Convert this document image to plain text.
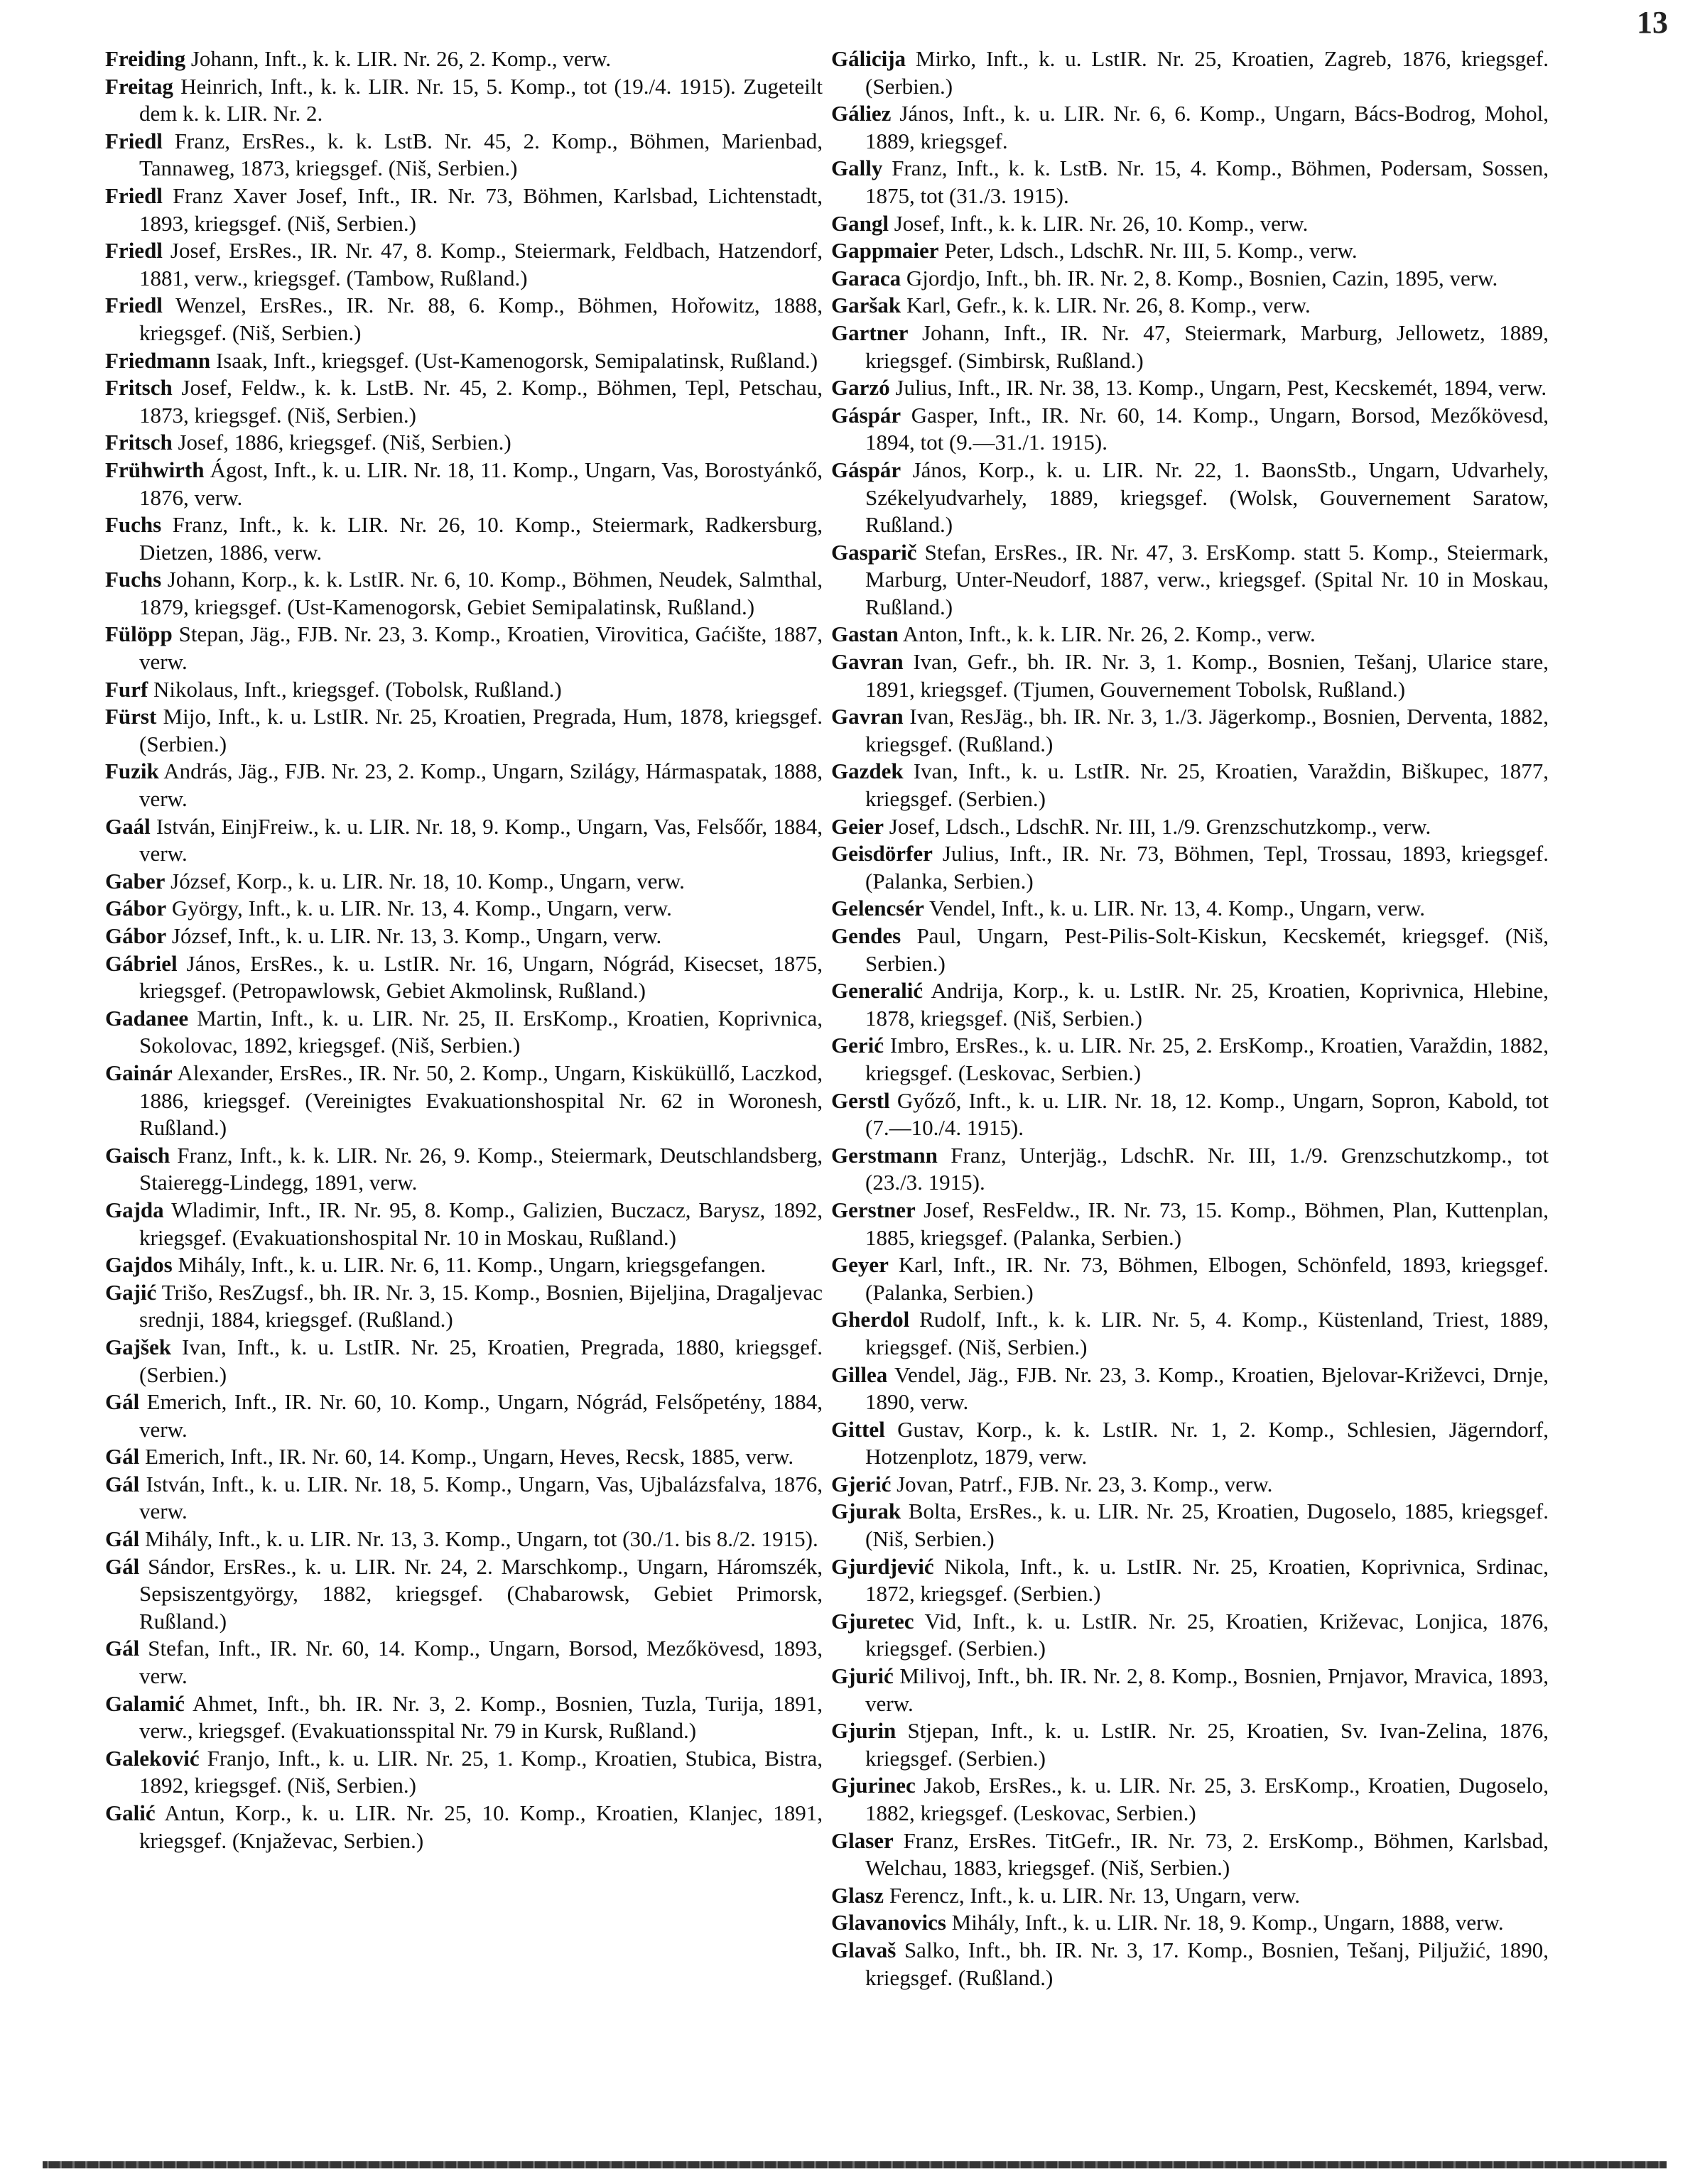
13

Freiding Johann, Inft., k. k. LIR. Nr. 26, 2. Komp., verw.

Freitag Heinrich, Inft., k. k. LIR. Nr. 15, 5. Komp., tot (19./4. 1915). Zugeteilt dem k. k. LIR. Nr. 2.

Friedl Franz, ErsRes., k. k. LstB. Nr. 45, 2. Komp., Böhmen, Marienbad, Tannaweg, 1873, kriegsgef. (Niš, Serbien.)

Friedl Franz Xaver Josef, Inft., IR. Nr. 73, Böhmen, Karlsbad, Lichtenstadt, 1893, kriegsgef. (Niš, Serbien.)

Friedl Josef, ErsRes., IR. Nr. 47, 8. Komp., Steiermark, Feldbach, Hatzendorf, 1881, verw., kriegsgef. (Tambow, Rußland.)

Friedl Wenzel, ErsRes., IR. Nr. 88, 6. Komp., Böhmen, Hořowitz, 1888, kriegsgef. (Niš, Serbien.)

Friedmann Isaak, Inft., kriegsgef. (Ust-Kamenogorsk, Semipalatinsk, Rußland.)

Fritsch Josef, Feldw., k. k. LstB. Nr. 45, 2. Komp., Böhmen, Tepl, Petschau, 1873, kriegsgef. (Niš, Serbien.)

Fritsch Josef, 1886, kriegsgef. (Niš, Serbien.)

Frühwirth Ágost, Inft., k. u. LIR. Nr. 18, 11. Komp., Ungarn, Vas, Borostyánkő, 1876, verw.

Fuchs Franz, Inft., k. k. LIR. Nr. 26, 10. Komp., Steiermark, Radkersburg, Dietzen, 1886, verw.

Fuchs Johann, Korp., k. k. LstIR. Nr. 6, 10. Komp., Böhmen, Neudek, Salmthal, 1879, kriegsgef. (Ust-Kamenogorsk, Gebiet Semipalatinsk, Rußland.)

Fülöpp Stepan, Jäg., FJB. Nr. 23, 3. Komp., Kroatien, Virovitica, Gaćište, 1887, verw.

Furf Nikolaus, Inft., kriegsgef. (Tobolsk, Rußland.)

Fürst Mijo, Inft., k. u. LstIR. Nr. 25, Kroatien, Pregrada, Hum, 1878, kriegsgef. (Serbien.)

Fuzik András, Jäg., FJB. Nr. 23, 2. Komp., Ungarn, Szilágy, Hármaspatak, 1888, verw.

Gaál István, EinjFreiw., k. u. LIR. Nr. 18, 9. Komp., Ungarn, Vas, Felsőőr, 1884, verw.

Gaber József, Korp., k. u. LIR. Nr. 18, 10. Komp., Ungarn, verw.

Gábor György, Inft., k. u. LIR. Nr. 13, 4. Komp., Ungarn, verw.

Gábor József, Inft., k. u. LIR. Nr. 13, 3. Komp., Ungarn, verw.

Gábriel János, ErsRes., k. u. LstIR. Nr. 16, Ungarn, Nógrád, Kisecset, 1875, kriegsgef. (Petropawlowsk, Gebiet Akmolinsk, Rußland.)

Gadanee Martin, Inft., k. u. LIR. Nr. 25, II. ErsKomp., Kroatien, Koprivnica, Sokolovac, 1892, kriegsgef. (Niš, Serbien.)

Gainár Alexander, ErsRes., IR. Nr. 50, 2. Komp., Ungarn, Kisküküllő, Laczkod, 1886, kriegsgef. (Vereinigtes Evakuationshospital Nr. 62 in Woronesh, Rußland.)

Gaisch Franz, Inft., k. k. LIR. Nr. 26, 9. Komp., Steiermark, Deutschlandsberg, Staieregg-Lindegg, 1891, verw.

Gajda Wladimir, Inft., IR. Nr. 95, 8. Komp., Galizien, Buczacz, Barysz, 1892, kriegsgef. (Evakuationshospital Nr. 10 in Moskau, Rußland.)

Gajdos Mihály, Inft., k. u. LIR. Nr. 6, 11. Komp., Ungarn, kriegsgefangen.

Gajić Trišo, ResZugsf., bh. IR. Nr. 3, 15. Komp., Bosnien, Bijeljina, Dragaljevac srednji, 1884, kriegsgef. (Rußland.)

Gajšek Ivan, Inft., k. u. LstIR. Nr. 25, Kroatien, Pregrada, 1880, kriegsgef. (Serbien.)

Gál Emerich, Inft., IR. Nr. 60, 10. Komp., Ungarn, Nógrád, Felsőpetény, 1884, verw.

Gál Emerich, Inft., IR. Nr. 60, 14. Komp., Ungarn, Heves, Recsk, 1885, verw.

Gál István, Inft., k. u. LIR. Nr. 18, 5. Komp., Ungarn, Vas, Ujbalázsfalva, 1876, verw.

Gál Mihály, Inft., k. u. LIR. Nr. 13, 3. Komp., Ungarn, tot (30./1. bis 8./2. 1915).

Gál Sándor, ErsRes., k. u. LIR. Nr. 24, 2. Marschkomp., Ungarn, Háromszék, Sepsiszentgyörgy, 1882, kriegsgef. (Chabarowsk, Gebiet Primorsk, Rußland.)

Gál Stefan, Inft., IR. Nr. 60, 14. Komp., Ungarn, Borsod, Mezőkövesd, 1893, verw.

Galamić Ahmet, Inft., bh. IR. Nr. 3, 2. Komp., Bosnien, Tuzla, Turija, 1891, verw., kriegsgef. (Evakuationsspital Nr. 79 in Kursk, Rußland.)

Galeković Franjo, Inft., k. u. LIR. Nr. 25, 1. Komp., Kroatien, Stubica, Bistra, 1892, kriegsgef. (Niš, Serbien.)

Galić Antun, Korp., k. u. LIR. Nr. 25, 10. Komp., Kroatien, Klanjec, 1891, kriegsgef. (Knjaževac, Serbien.)

Gálicija Mirko, Inft., k. u. LstIR. Nr. 25, Kroatien, Zagreb, 1876, kriegsgef. (Serbien.)

Gáliez János, Inft., k. u. LIR. Nr. 6, 6. Komp., Ungarn, Bács-Bodrog, Mohol, 1889, kriegsgef.

Gally Franz, Inft., k. k. LstB. Nr. 15, 4. Komp., Böhmen, Podersam, Sossen, 1875, tot (31./3. 1915).

Gangl Josef, Inft., k. k. LIR. Nr. 26, 10. Komp., verw.

Gappmaier Peter, Ldsch., LdschR. Nr. III, 5. Komp., verw.

Garaca Gjordjo, Inft., bh. IR. Nr. 2, 8. Komp., Bosnien, Cazin, 1895, verw.

Garšak Karl, Gefr., k. k. LIR. Nr. 26, 8. Komp., verw.

Gartner Johann, Inft., IR. Nr. 47, Steiermark, Marburg, Jellowetz, 1889, kriegsgef. (Simbirsk, Rußland.)

Garzó Julius, Inft., IR. Nr. 38, 13. Komp., Ungarn, Pest, Kecskemét, 1894, verw.

Gáspár Gasper, Inft., IR. Nr. 60, 14. Komp., Ungarn, Borsod, Mezőkövesd, 1894, tot (9.—31./1. 1915).

Gáspár János, Korp., k. u. LIR. Nr. 22, 1. BaonsStb., Ungarn, Udvarhely, Székelyudvarhely, 1889, kriegsgef. (Wolsk, Gouvernement Saratow, Rußland.)

Gasparič Stefan, ErsRes., IR. Nr. 47, 3. ErsKomp. statt 5. Komp., Steiermark, Marburg, Unter-Neudorf, 1887, verw., kriegsgef. (Spital Nr. 10 in Moskau, Rußland.)

Gastan Anton, Inft., k. k. LIR. Nr. 26, 2. Komp., verw.

Gavran Ivan, Gefr., bh. IR. Nr. 3, 1. Komp., Bosnien, Tešanj, Ularice stare, 1891, kriegsgef. (Tjumen, Gouvernement Tobolsk, Rußland.)

Gavran Ivan, ResJäg., bh. IR. Nr. 3, 1./3. Jägerkomp., Bosnien, Derventa, 1882, kriegsgef. (Rußland.)

Gazdek Ivan, Inft., k. u. LstIR. Nr. 25, Kroatien, Varaždin, Biškupec, 1877, kriegsgef. (Serbien.)

Geier Josef, Ldsch., LdschR. Nr. III, 1./9. Grenzschutzkomp., verw.

Geisdörfer Julius, Inft., IR. Nr. 73, Böhmen, Tepl, Trossau, 1893, kriegsgef. (Palanka, Serbien.)

Gelencsér Vendel, Inft., k. u. LIR. Nr. 13, 4. Komp., Ungarn, verw.

Gendes Paul, Ungarn, Pest-Pilis-Solt-Kiskun, Kecskemét, kriegsgef. (Niš, Serbien.)

Generalić Andrija, Korp., k. u. LstIR. Nr. 25, Kroatien, Koprivnica, Hlebine, 1878, kriegsgef. (Niš, Serbien.)

Gerić Imbro, ErsRes., k. u. LIR. Nr. 25, 2. ErsKomp., Kroatien, Varaždin, 1882, kriegsgef. (Leskovac, Serbien.)

Gerstl Győző, Inft., k. u. LIR. Nr. 18, 12. Komp., Ungarn, Sopron, Kabold, tot (7.—10./4. 1915).

Gerstmann Franz, Unterjäg., LdschR. Nr. III, 1./9. Grenzschutzkomp., tot (23./3. 1915).

Gerstner Josef, ResFeldw., IR. Nr. 73, 15. Komp., Böhmen, Plan, Kuttenplan, 1885, kriegsgef. (Palanka, Serbien.)

Geyer Karl, Inft., IR. Nr. 73, Böhmen, Elbogen, Schönfeld, 1893, kriegsgef. (Palanka, Serbien.)

Gherdol Rudolf, Inft., k. k. LIR. Nr. 5, 4. Komp., Küstenland, Triest, 1889, kriegsgef. (Niš, Serbien.)

Gillea Vendel, Jäg., FJB. Nr. 23, 3. Komp., Kroatien, Bjelovar-Križevci, Drnje, 1890, verw.

Gittel Gustav, Korp., k. k. LstIR. Nr. 1, 2. Komp., Schlesien, Jägerndorf, Hotzenplotz, 1879, verw.

Gjerić Jovan, Patrf., FJB. Nr. 23, 3. Komp., verw.

Gjurak Bolta, ErsRes., k. u. LIR. Nr. 25, Kroatien, Dugoselo, 1885, kriegsgef. (Niš, Serbien.)

Gjurdjević Nikola, Inft., k. u. LstIR. Nr. 25, Kroatien, Koprivnica, Srdinac, 1872, kriegsgef. (Serbien.)

Gjuretec Vid, Inft., k. u. LstIR. Nr. 25, Kroatien, Križevac, Lonjica, 1876, kriegsgef. (Serbien.)

Gjurić Milivoj, Inft., bh. IR. Nr. 2, 8. Komp., Bosnien, Prnjavor, Mravica, 1893, verw.

Gjurin Stjepan, Inft., k. u. LstIR. Nr. 25, Kroatien, Sv. Ivan-Zelina, 1876, kriegsgef. (Serbien.)

Gjurinec Jakob, ErsRes., k. u. LIR. Nr. 25, 3. ErsKomp., Kroatien, Dugoselo, 1882, kriegsgef. (Leskovac, Serbien.)

Glaser Franz, ErsRes. TitGefr., IR. Nr. 73, 2. ErsKomp., Böhmen, Karlsbad, Welchau, 1883, kriegsgef. (Niš, Serbien.)

Glasz Ferencz, Inft., k. u. LIR. Nr. 13, Ungarn, verw.

Glavanovics Mihály, Inft., k. u. LIR. Nr. 18, 9. Komp., Ungarn, 1888, verw.

Glavaš Salko, Inft., bh. IR. Nr. 3, 17. Komp., Bosnien, Tešanj, Piljužić, 1890, kriegsgef. (Rußland.)
